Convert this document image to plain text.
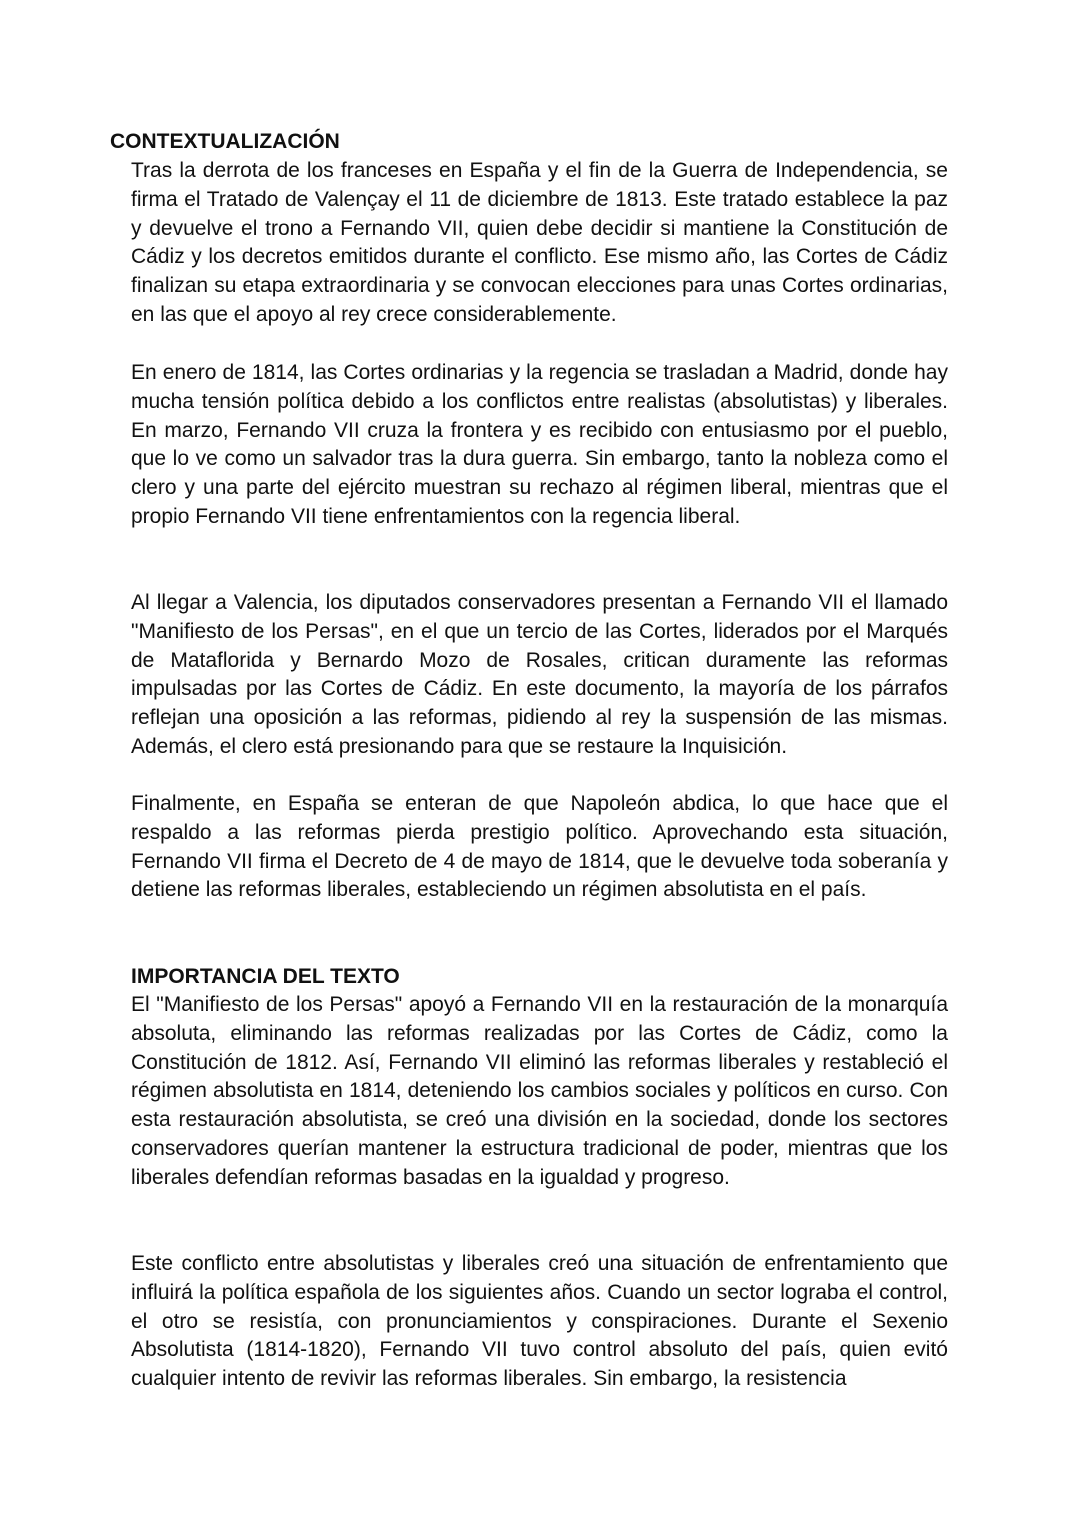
CONTEXTUALIZACIÓN

Tras la derrota de los franceses en España y el fin de la Guerra de Independencia, se firma el Tratado de Valençay el 11 de diciembre de 1813. Este tratado establece la paz y devuelve el trono a Fernando VII, quien debe decidir si mantiene la Constitución de Cádiz y los decretos emitidos durante el conflicto. Ese mismo año, las Cortes de Cádiz finalizan su etapa extraordinaria y se convocan elecciones para unas Cortes ordinarias, en las que el apoyo al rey crece considerablemente.

En enero de 1814, las Cortes ordinarias y la regencia se trasladan a Madrid, donde hay mucha tensión política debido a los conflictos entre realistas (absolutistas) y liberales. En marzo, Fernando VII cruza la frontera y es recibido con entusiasmo por el pueblo, que lo ve como un salvador tras la dura guerra. Sin embargo, tanto la nobleza como el clero y una parte del ejército muestran su rechazo al régimen liberal, mientras que el propio Fernando VII tiene enfrentamientos con la regencia liberal.

Al llegar a Valencia, los diputados conservadores presentan a Fernando VII el llamado "Manifiesto de los Persas", en el que un tercio de las Cortes, liderados por el Marqués de Mataflorida y Bernardo Mozo de Rosales, critican duramente las reformas impulsadas por las Cortes de Cádiz. En este documento, la mayoría de los párrafos reflejan una oposición a las reformas, pidiendo al rey la suspensión de las mismas. Además, el clero está presionando para que se restaure la Inquisición.

Finalmente, en España se enteran de que Napoleón abdica, lo que hace que el respaldo a las reformas pierda prestigio político. Aprovechando esta situación, Fernando VII firma el Decreto de 4 de mayo de 1814, que le devuelve toda soberanía y detiene las reformas liberales, estableciendo un régimen absolutista en el país.

IMPORTANCIA DEL TEXTO

El "Manifiesto de los Persas" apoyó a Fernando VII en la restauración de la monarquía absoluta, eliminando las reformas realizadas por las Cortes de Cádiz, como la Constitución de 1812. Así, Fernando VII eliminó las reformas liberales y restableció el régimen absolutista en 1814, deteniendo los cambios sociales y políticos en curso. Con esta restauración absolutista, se creó una división en la sociedad, donde los sectores conservadores querían mantener la estructura tradicional de poder, mientras que los liberales defendían reformas basadas en la igualdad y progreso.

Este conflicto entre absolutistas y liberales creó una situación de enfrentamiento que influirá la política española de los siguientes años. Cuando un sector lograba el control, el otro se resistía, con pronunciamientos y conspiraciones. Durante el Sexenio Absolutista (1814-1820), Fernando VII tuvo control absoluto del país, quien evitó cualquier intento de revivir las reformas liberales. Sin embargo, la resistencia
